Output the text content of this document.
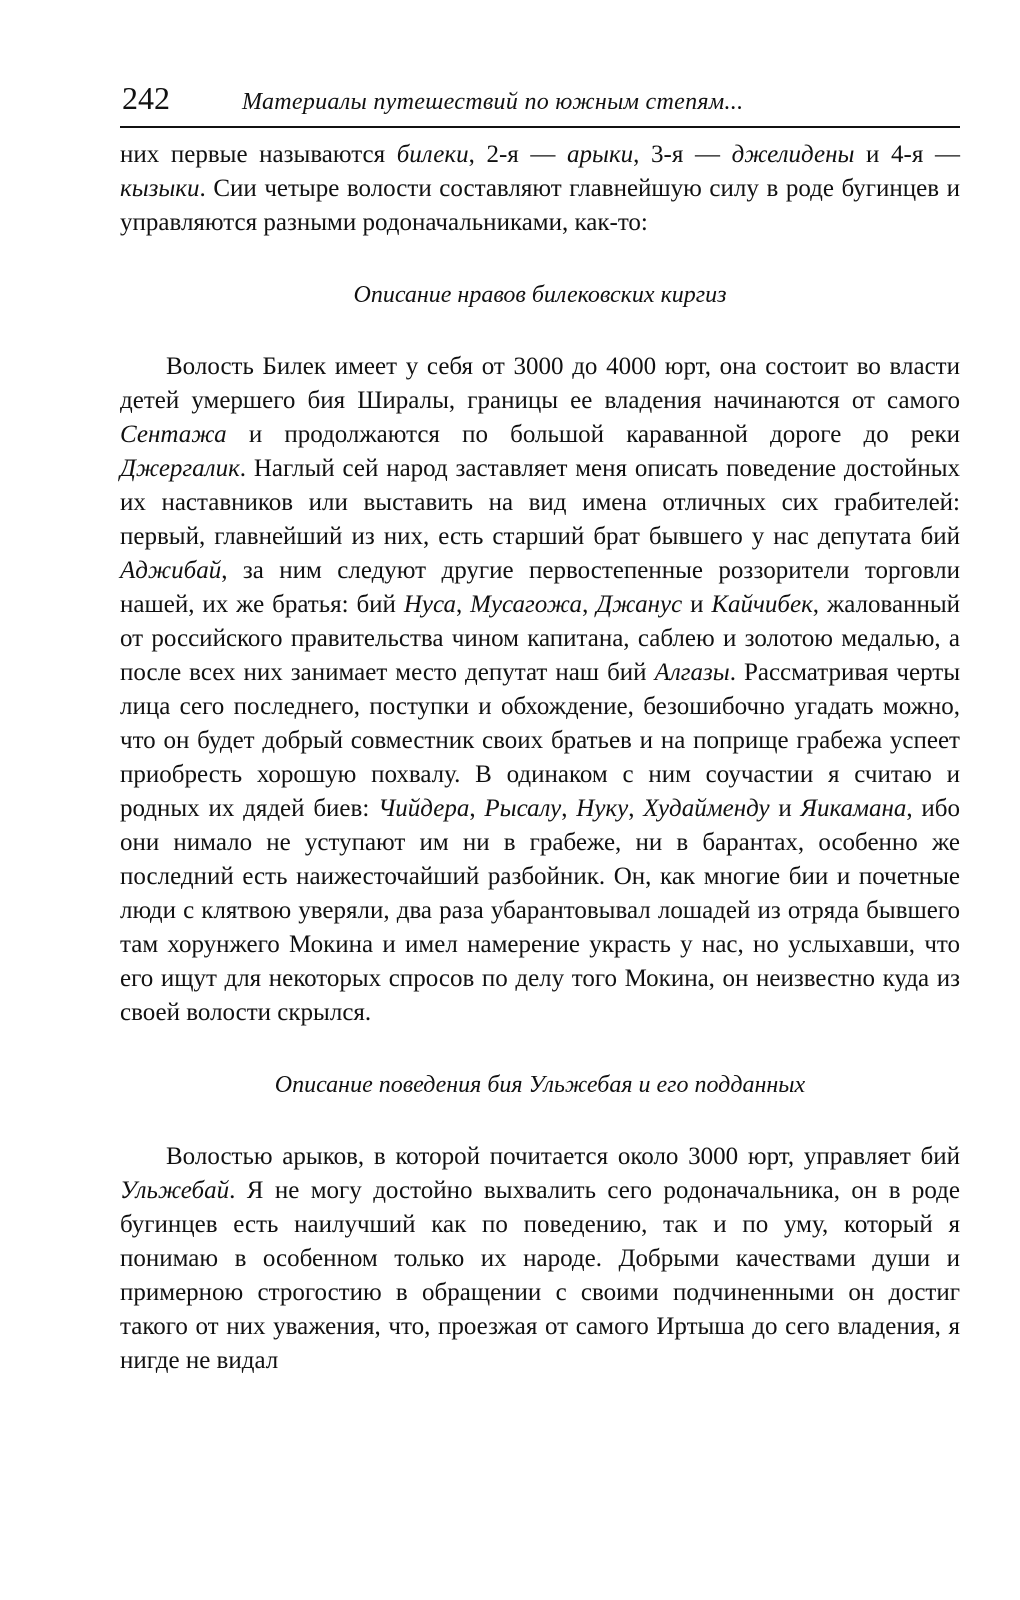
242	Материалы путешествий по южным степям...

них первые называются билеки, 2-я — арыки, 3-я — джелидены и 4-я — кызыки. Сии четыре волости составляют главнейшую силу в роде бугинцев и управляются разными родоначальниками, как-то:

Описание нравов билековских киргиз

Волость Билек имеет у себя от 3000 до 4000 юрт, она состоит во власти детей умершего бия Ширалы, границы ее владения начинаются от самого Сентажа и продолжаются по большой караванной дороге до реки Джергалик. Наглый сей народ заставляет меня описать поведение достойных их наставников или выставить на вид имена отличных сих грабителей: первый, главнейший из них, есть старший брат бывшего у нас депутата бий Аджибай, за ним следуют другие первостепенные роззорители торговли нашей, их же братья: бий Нуса, Мусагожа, Джанус и Кайчибек, жалованный от российского правительства чином капитана, саблею и золотою медалью, а после всех них занимает место депутат наш бий Алгазы. Рассматривая черты лица сего последнего, поступки и обхождение, безошибочно угадать можно, что он будет добрый совместник своих братьев и на поприще грабежа успеет приобресть хорошую похвалу. В одинаком с ним соучастии я считаю и родных их дядей биев: Чийдера, Рысалу, Нуку, Худайменду и Яикамана, ибо они нимало не уступают им ни в грабеже, ни в барантах, особенно же последний есть наижесточайший разбойник. Он, как многие бии и почетные люди с клятвою уверяли, два раза убарантовывал лошадей из отряда бывшего там хорунжего Мокина и имел намерение украсть у нас, но услыхавши, что его ищут для некоторых спросов по делу того Мокина, он неизвестно куда из своей волости скрылся.

Описание поведения бия Ульжебая и его подданных

Волостью арыков, в которой почитается около 3000 юрт, управляет бий Ульжебай. Я не могу достойно выхвалить сего родоначальника, он в роде бугинцев есть наилучший как по поведению, так и по уму, который я понимаю в особенном только их народе. Добрыми качествами души и примерною строгостию в обращении с своими подчиненными он достиг такого от них уважения, что, проезжая от самого Иртыша до сего владения, я нигде не видал
